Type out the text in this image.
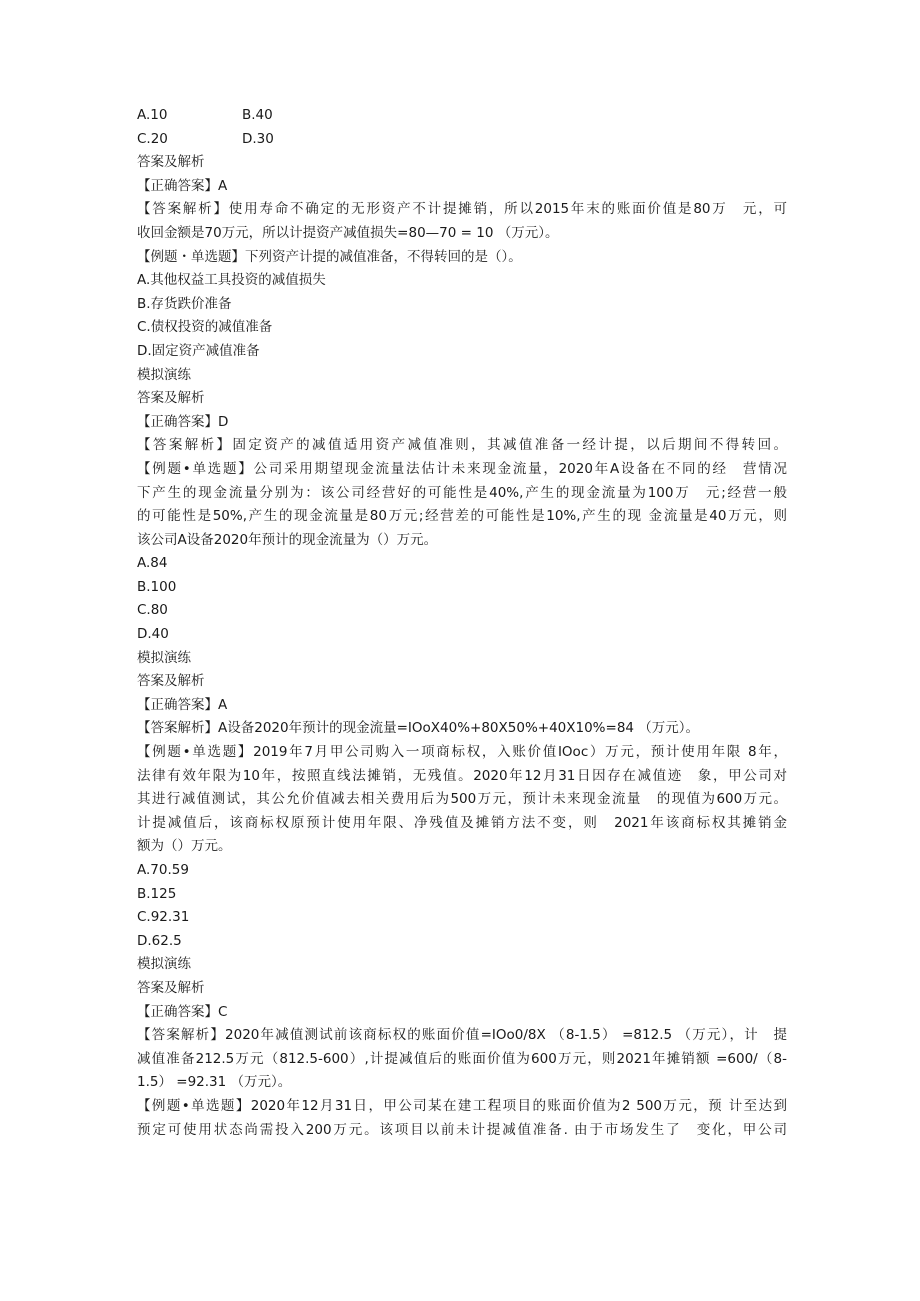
A.10	B.40
C.20	D.30
答案及解析
【正确答案】A
【答案解析】使用寿命不确定的无形资产不计提摊销，所以2015年末的账面价值是80万　元，可
收回金额是70万元，所以计提资产减值损失=80—70 = 10 （万元）。
【例题・单选题】下列资产计提的减值准备，不得转回的是（）。
A.其他权益工具投资的减值损失
B.存货跌价准备
C.债权投资的减值准备
D.固定资产减值准备
模拟演练
答案及解析
【正确答案】D
【答案解析】固定资产的减值适用资产减值准则，其减值准备一经计提，以后期间不得转回。
【例题•单选题】公司采用期望现金流量法估计未来现金流量，2020年A设备在不同的经　营情况
下产生的现金流量分别为：该公司经营好的可能性是40%,产生的现金流量为100万　元;经营一般
的可能性是50%,产生的现金流量是80万元;经营差的可能性是10%,产生的现 金流量是40万元，则
该公司A设备2020年预计的现金流量为（）万元。
A.84
B.100
C.80
D.40
模拟演练
答案及解析
【正确答案】A
【答案解析】A设备2020年预计的现金流量=IOoX40%+80X50%+40X10%=84 （万元）。
【例题•单选题】2019年7月甲公司购入一项商标权，入账价值IOoc）万元，预计使用年限 8年，
法律有效年限为10年，按照直线法摊销，无残值。2020年12月31日因存在减值迹　象，甲公司对
其进行减值测试，其公允价值减去相关费用后为500万元，预计未来现金流量　的现值为600万元。
计提减值后，该商标权原预计使用年限、净残值及摊销方法不变，则　2021年该商标权其摊销金
额为（）万元。
A.70.59
B.125
C.92.31
D.62.5
模拟演练
答案及解析
【正确答案】C
【答案解析】2020年减值测试前该商标权的账面价值=IOo0/8X （8-1.5） =812.5 （万元），计　提
减值准备212.5万元（812.5-600）,计提减值后的账面价值为600万元，则2021年摊销额 =600/（8-
1.5） =92.31 （万元）。
【例题•单选题】2020年12月31日，甲公司某在建工程项目的账面价值为2 500万元，预 计至达到
预定可使用状态尚需投入200万元。该项目以前未计提减值准备. 由于市场发生了　变化，甲公司
